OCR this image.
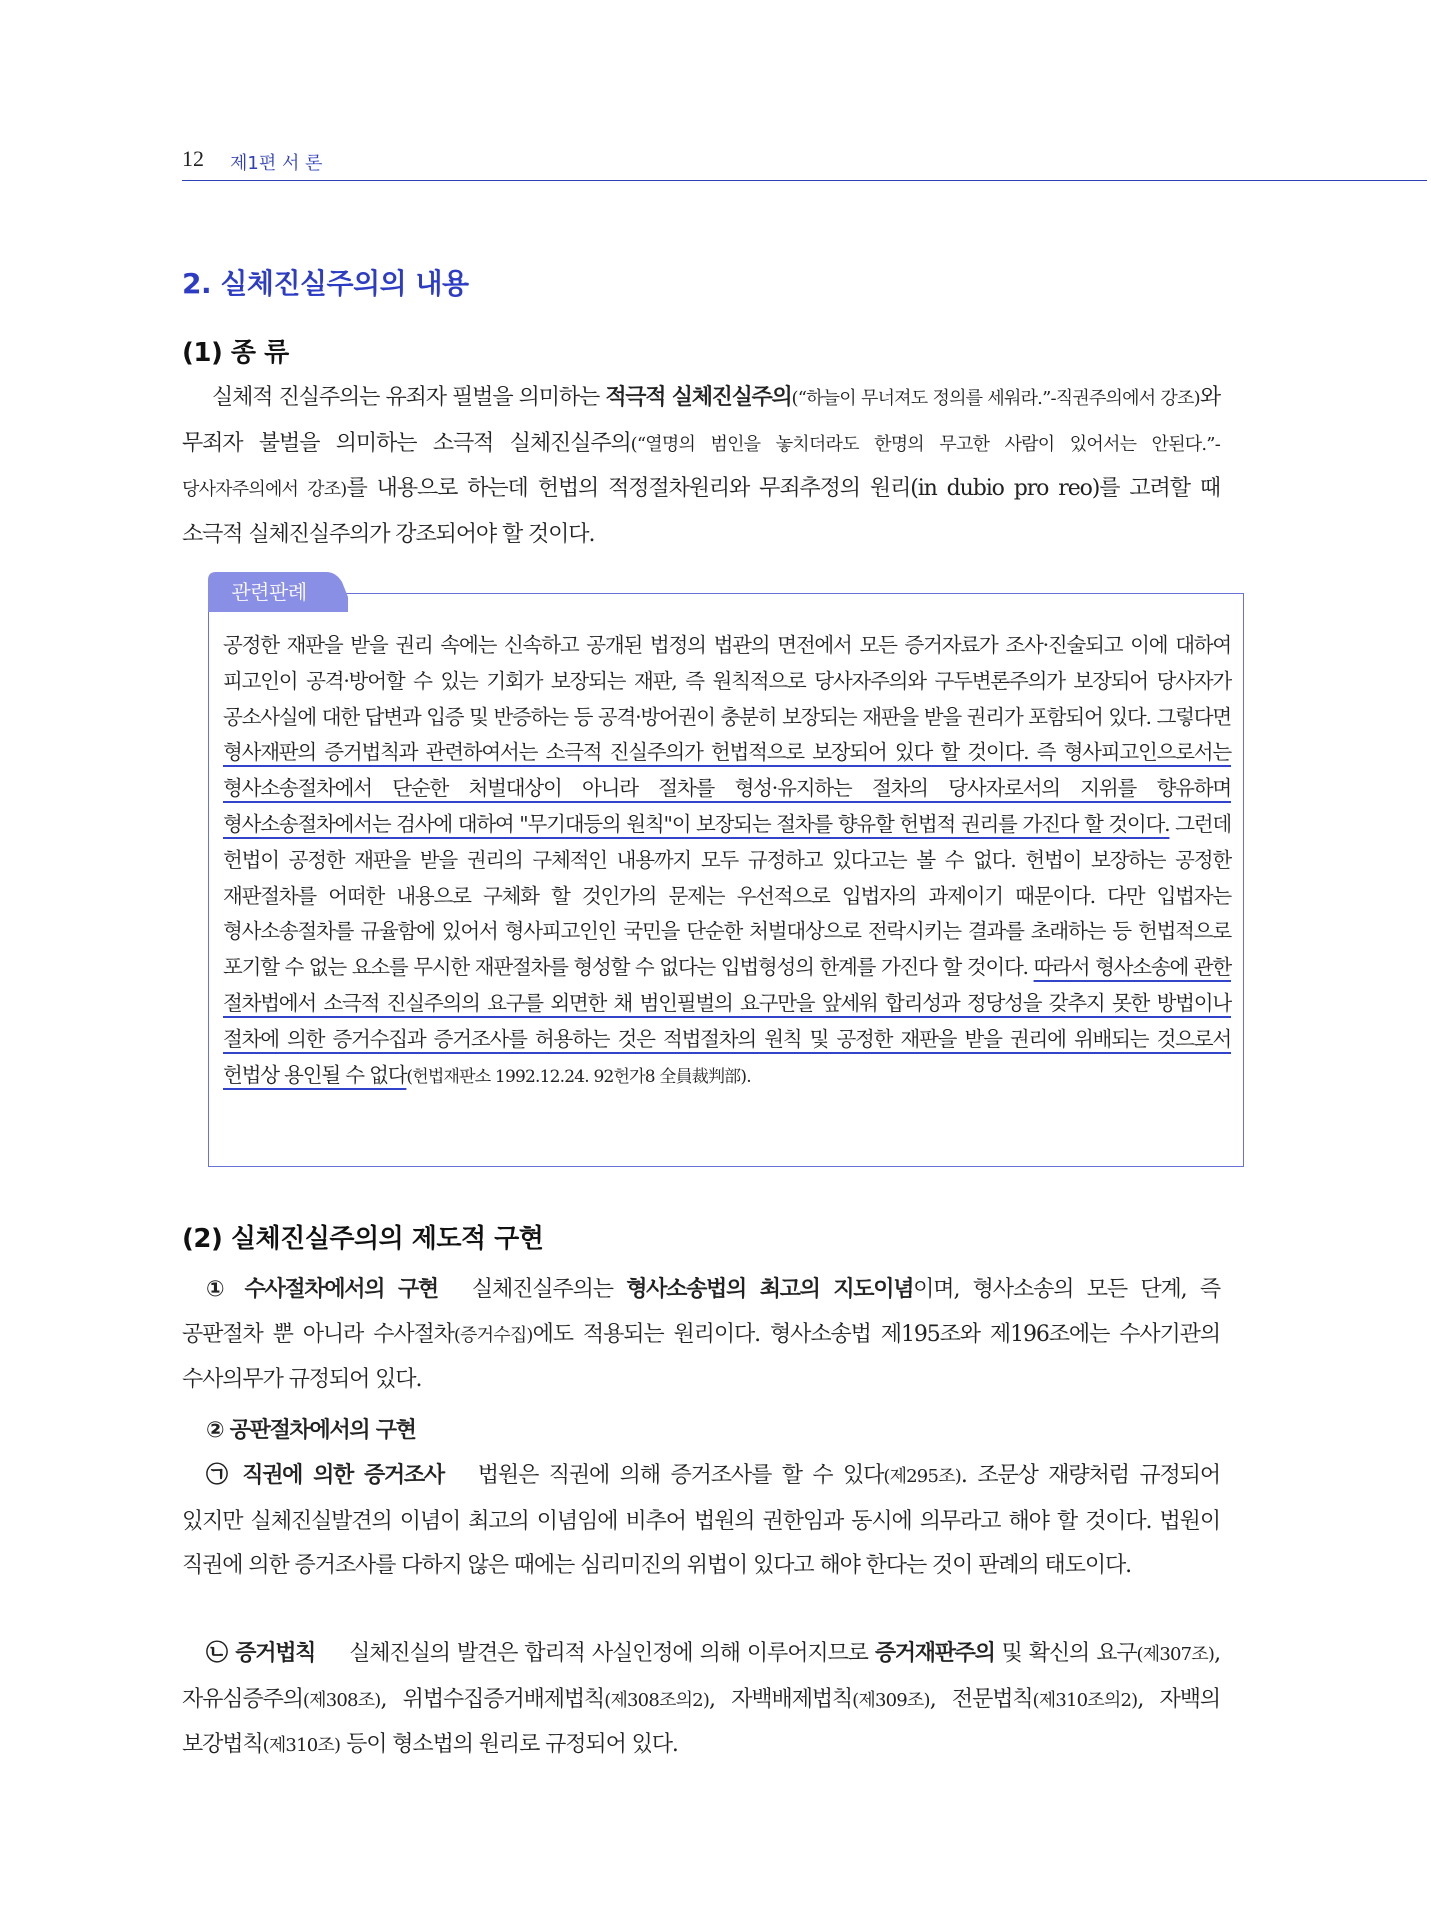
12 제1편 서 론
2. 실체진실주의의 내용
(1) 종 류

실체적 진실주의는 유죄자 필벌을 의미하는 적극적 실체진실주의(“하늘이 무너져도 정의를 세워라.”-직권주의에서 강조)와 무죄자 불벌을 의미하는 소극적 실체진실주의(“열명의 범인을 놓치더라도 한명의 무고한 사람이 있어서는 안된다.”-당사자주의에서 강조)를 내용으로 하는데 헌법의 적정절차원리와 무죄추정의 원리(in dubio pro reo)를 고려할 때 소극적 실체진실주의가 강조되어야 할 것이다.

관련판례

공정한 재판을 받을 권리 속에는 신속하고 공개된 법정의 법관의 면전에서 모든 증거자료가 조사·진술되고 이에 대하여 피고인이 공격·방어할 수 있는 기회가 보장되는 재판, 즉 원칙적으로 당사자주의와 구두변론주의가 보장되어 당사자가 공소사실에 대한 답변과 입증 및 반증하는 등 공격·방어권이 충분히 보장되는 재판을 받을 권리가 포함되어 있다. 그렇다면 형사재판의 증거법칙과 관련하여서는 소극적 진실주의가 헌법적으로 보장되어 있다 할 것이다. 즉 형사피고인으로서는 형사소송절차에서 단순한 처벌대상이 아니라 절차를 형성·유지하는 절차의 당사자로서의 지위를 향유하며 형사소송절차에서는 검사에 대하여 "무기대등의 원칙"이 보장되는 절차를 향유할 헌법적 권리를 가진다 할 것이다. 그런데 헌법이 공정한 재판을 받을 권리의 구체적인 내용까지 모두 규정하고 있다고는 볼 수 없다. 헌법이 보장하는 공정한 재판절차를 어떠한 내용으로 구체화 할 것인가의 문제는 우선적으로 입법자의 과제이기 때문이다. 다만 입법자는 형사소송절차를 규율함에 있어서 형사피고인인 국민을 단순한 처벌대상으로 전락시키는 결과를 초래하는 등 헌법적으로 포기할 수 없는 요소를 무시한 재판절차를 형성할 수 없다는 입법형성의 한계를 가진다 할 것이다. 따라서 형사소송에 관한 절차법에서 소극적 진실주의의 요구를 외면한 채 범인필벌의 요구만을 앞세워 합리성과 정당성을 갖추지 못한 방법이나 절차에 의한 증거수집과 증거조사를 허용하는 것은 적법절차의 원칙 및 공정한 재판을 받을 권리에 위배되는 것으로서 헌법상 용인될 수 없다(헌법재판소 1992.12.24. 92헌가8 全員裁判部).

(2) 실체진실주의의 제도적 구현

① 수사절차에서의 구현 실체진실주의는 형사소송법의 최고의 지도이념이며, 형사소송의 모든 단계, 즉 공판절차 뿐 아니라 수사절차(증거수집)에도 적용되는 원리이다. 형사소송법 제195조와 제196조에는 수사기관의 수사의무가 규정되어 있다.

② 공판절차에서의 구현

㉠ 직권에 의한 증거조사 법원은 직권에 의해 증거조사를 할 수 있다(제295조). 조문상 재량처럼 규정되어 있지만 실체진실발견의 이념이 최고의 이념임에 비추어 법원의 권한임과 동시에 의무라고 해야 할 것이다. 법원이 직권에 의한 증거조사를 다하지 않은 때에는 심리미진의 위법이 있다고 해야 한다는 것이 판례의 태도이다.

㉡ 증거법칙 실체진실의 발견은 합리적 사실인정에 의해 이루어지므로 증거재판주의 및 확신의 요구(제307조), 자유심증주의(제308조), 위법수집증거배제법칙(제308조의2), 자백배제법칙(제309조), 전문법칙(제310조의2), 자백의 보강법칙(제310조) 등이 형소법의 원리로 규정되어 있다.
